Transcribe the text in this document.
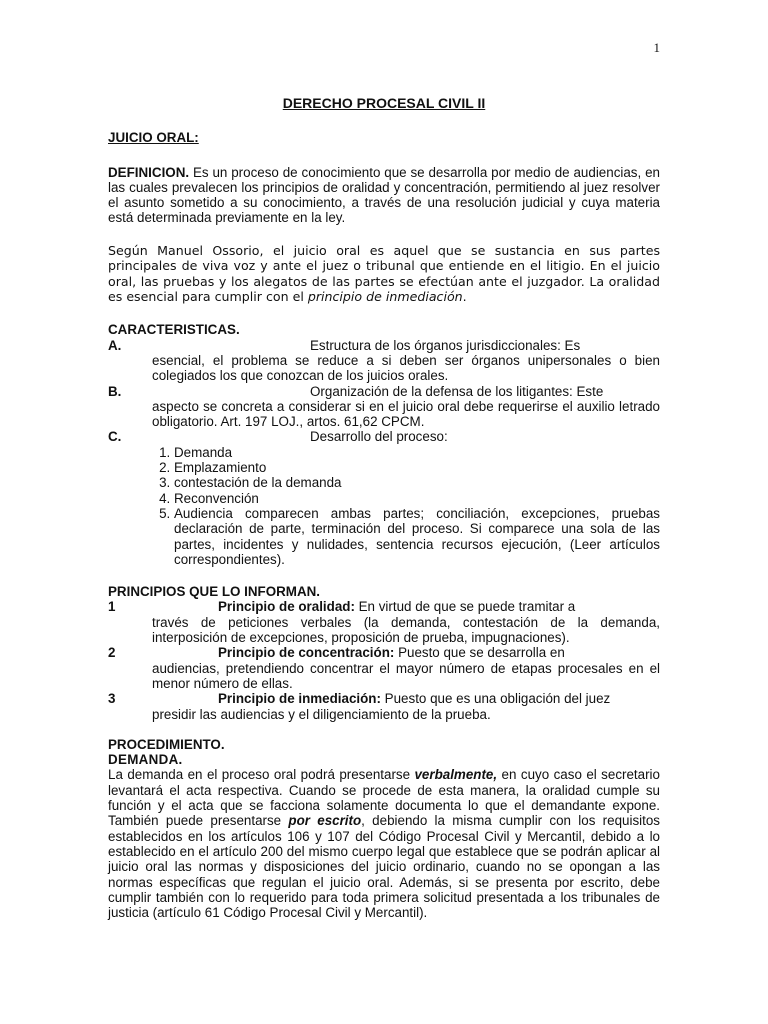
1
DERECHO PROCESAL CIVIL II
JUICIO ORAL:

DEFINICION. Es un proceso de conocimiento que se desarrolla por medio de audiencias, en las cuales prevalecen los principios de oralidad y concentración, permitiendo al juez resolver el asunto sometido a su conocimiento, a través de una resolución judicial y cuya materia está determinada previamente en la ley.

Según Manuel Ossorio, el juicio oral es aquel que se sustancia en sus partes principales de viva voz y ante el juez o tribunal que entiende en el litigio. En el juicio oral, las pruebas y los alegatos de las partes se efectúan ante el juzgador. La oralidad es esencial para cumplir con el principio de inmediación.

CARACTERISTICAS.
A.	Estructura de los órganos jurisdiccionales: Es
esencial, el problema se reduce a si deben ser órganos unipersonales o bien colegiados los que conozcan de los juicios orales.
B.	Organización de la defensa de los litigantes: Este
aspecto se concreta a considerar si en el juicio oral debe requerirse el auxilio letrado obligatorio. Art. 197 LOJ., artos. 61,62 CPCM.
C.	Desarrollo del proceso:
1. Demanda
2. Emplazamiento
3. contestación de la demanda
4. Reconvención
5. Audiencia comparecen ambas partes; conciliación, excepciones, pruebas declaración de parte, terminación del proceso. Si comparece una sola de las partes, incidentes y nulidades, sentencia recursos ejecución, (Leer artículos correspondientes).
PRINCIPIOS QUE LO INFORMAN.
1	Principio de oralidad: En virtud de que se puede tramitar a
través de peticiones verbales (la demanda, contestación de la demanda, interposición de excepciones, proposición de prueba, impugnaciones).
2	Principio de concentración: Puesto que se desarrolla en
audiencias, pretendiendo concentrar el mayor número de etapas procesales en el menor número de ellas.
3	Principio de inmediación: Puesto que es una obligación del juez
presidir las audiencias y el diligenciamiento de la prueba.
PROCEDIMIENTO.
DEMANDA.

La demanda en el proceso oral podrá presentarse verbalmente, en cuyo caso el secretario levantará el acta respectiva. Cuando se procede de esta manera, la oralidad cumple su función y el acta que se facciona solamente documenta lo que el demandante expone. También puede presentarse por escrito, debiendo la misma cumplir con los requisitos establecidos en los artículos 106 y 107 del Código Procesal Civil y Mercantil, debido a lo establecido en el artículo 200 del mismo cuerpo legal que establece que se podrán aplicar al juicio oral las normas y disposiciones del juicio ordinario, cuando no se opongan a las normas específicas que regulan el juicio oral. Además, si se presenta por escrito, debe cumplir también con lo requerido para toda primera solicitud presentada a los tribunales de justicia (artículo 61 Código Procesal Civil y Mercantil).
